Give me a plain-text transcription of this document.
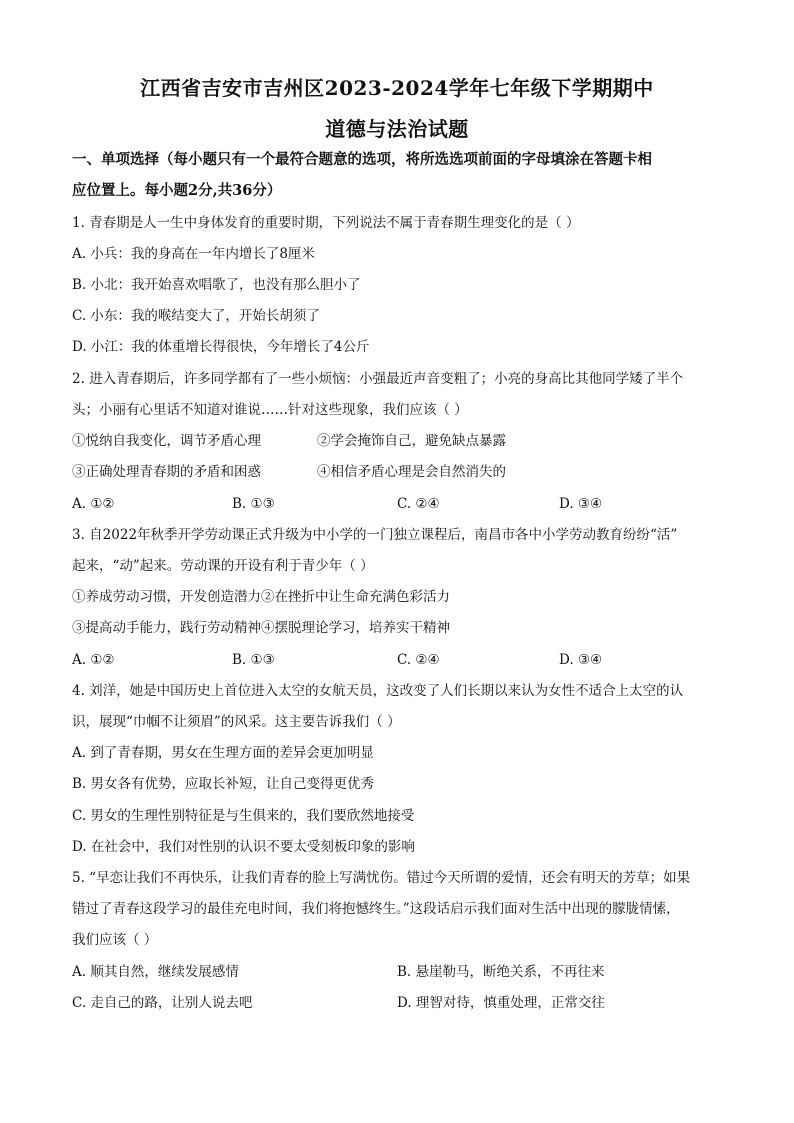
江西省吉安市吉州区2023-2024学年七年级下学期期中
道德与法治试题
一、单项选择（每小题只有一个最符合题意的选项，将所选选项前面的字母填涂在答题卡相
应位置上。每小题2分,共36分）
1. 青春期是人一生中身体发育的重要时期，下列说法不属于青春期生理变化的是（ ）
A. 小兵：我的身高在一年内增长了8厘米
B. 小北：我开始喜欢唱歌了，也没有那么胆小了
C. 小东：我的喉结变大了，开始长胡须了
D. 小江：我的体重增长得很快，今年增长了4公斤
2. 进入青春期后，许多同学都有了一些小烦恼：小强最近声音变粗了；小亮的身高比其他同学矮了半个
头；小丽有心里话不知道对谁说……针对这些现象，我们应该（ ）
①悦纳自我变化，调节矛盾心理	②学会掩饰自己，避免缺点暴露
③正确处理青春期的矛盾和困惑	④相信矛盾心理是会自然消失的
A. ①②	B. ①③	C. ②④	D. ③④
3. 自2022年秋季开学劳动课正式升级为中小学的一门独立课程后，南昌市各中小学劳动教育纷纷“活”
起来，“动”起来。劳动课的开设有利于青少年（ ）
①养成劳动习惯，开发创造潜力②在挫折中让生命充满色彩活力
③提高动手能力，践行劳动精神④摆脱理论学习，培养实干精神
A. ①②	B. ①③	C. ②④	D. ③④
4. 刘洋，她是中国历史上首位进入太空的女航天员，这改变了人们长期以来认为女性不适合上太空的认
识，展现“巾帼不让须眉”的风采。这主要告诉我们（ ）
A. 到了青春期，男女在生理方面的差异会更加明显
B. 男女各有优势，应取长补短，让自己变得更优秀
C. 男女的生理性别特征是与生俱来的，我们要欣然地接受
D. 在社会中，我们对性别的认识不要太受刻板印象的影响
5. “早恋让我们不再快乐，让我们青春的脸上写满忧伤。错过今天所谓的爱情，还会有明天的芳草；如果
错过了青春这段学习的最佳充电时间，我们将抱憾终生。”这段话启示我们面对生活中出现的朦胧情愫，
我们应该（ ）
A. 顺其自然，继续发展感情	B. 悬崖勒马，断绝关系，不再往来
C. 走自己的路，让别人说去吧	D. 理智对待，慎重处理，正常交往
